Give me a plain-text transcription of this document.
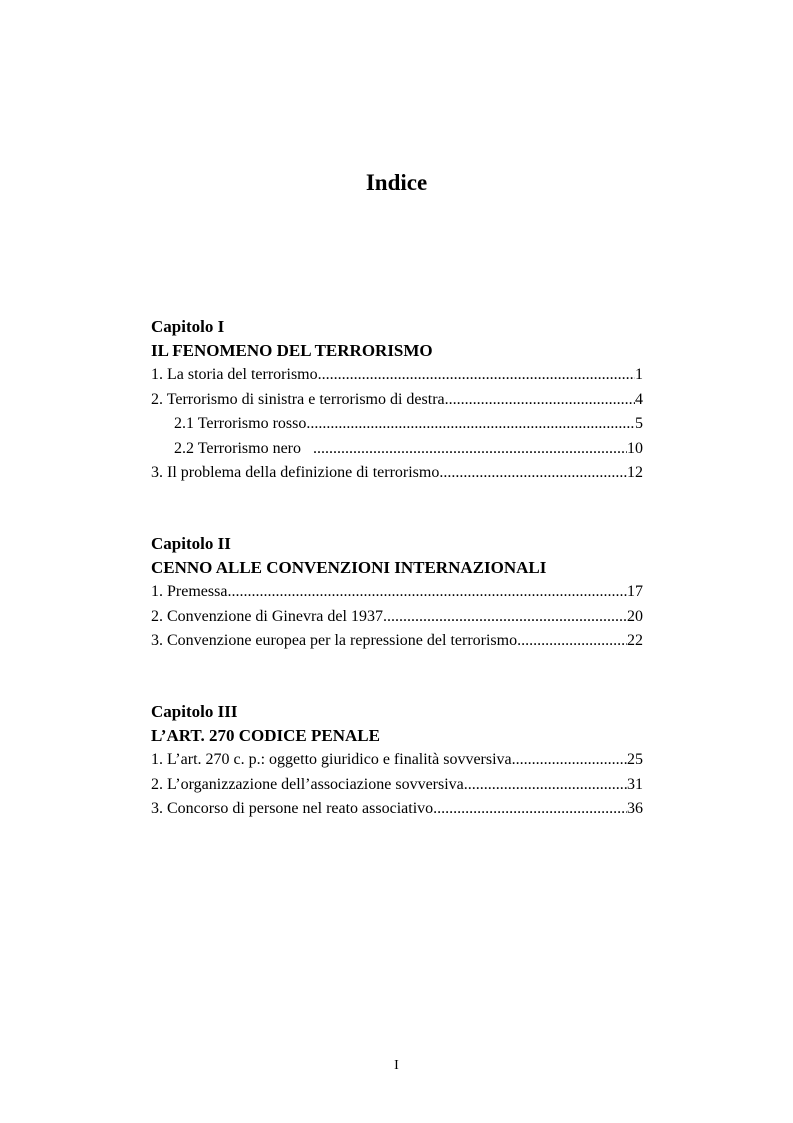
Indice
Capitolo I
IL FENOMENO DEL TERRORISMO
1. La storia del terrorismo .....	1
2. Terrorismo di sinistra e terrorismo di destra .....	4
2.1 Terrorismo rosso .....	5
2.2 Terrorismo nero .....	10
3. Il problema della definizione di terrorismo .....	12
Capitolo II
CENNO ALLE CONVENZIONI INTERNAZIONALI
1. Premessa .....	17
2. Convenzione di Ginevra del 1937 .....	20
3. Convenzione europea per la repressione del terrorismo .....	22
Capitolo III
L’ART. 270 CODICE PENALE
1. L’art. 270 c. p.: oggetto giuridico e finalità sovversiva. .....	25
2. L’organizzazione dell’associazione sovversiva. .....	31
3. Concorso di persone nel reato associativo. .....	36
I
